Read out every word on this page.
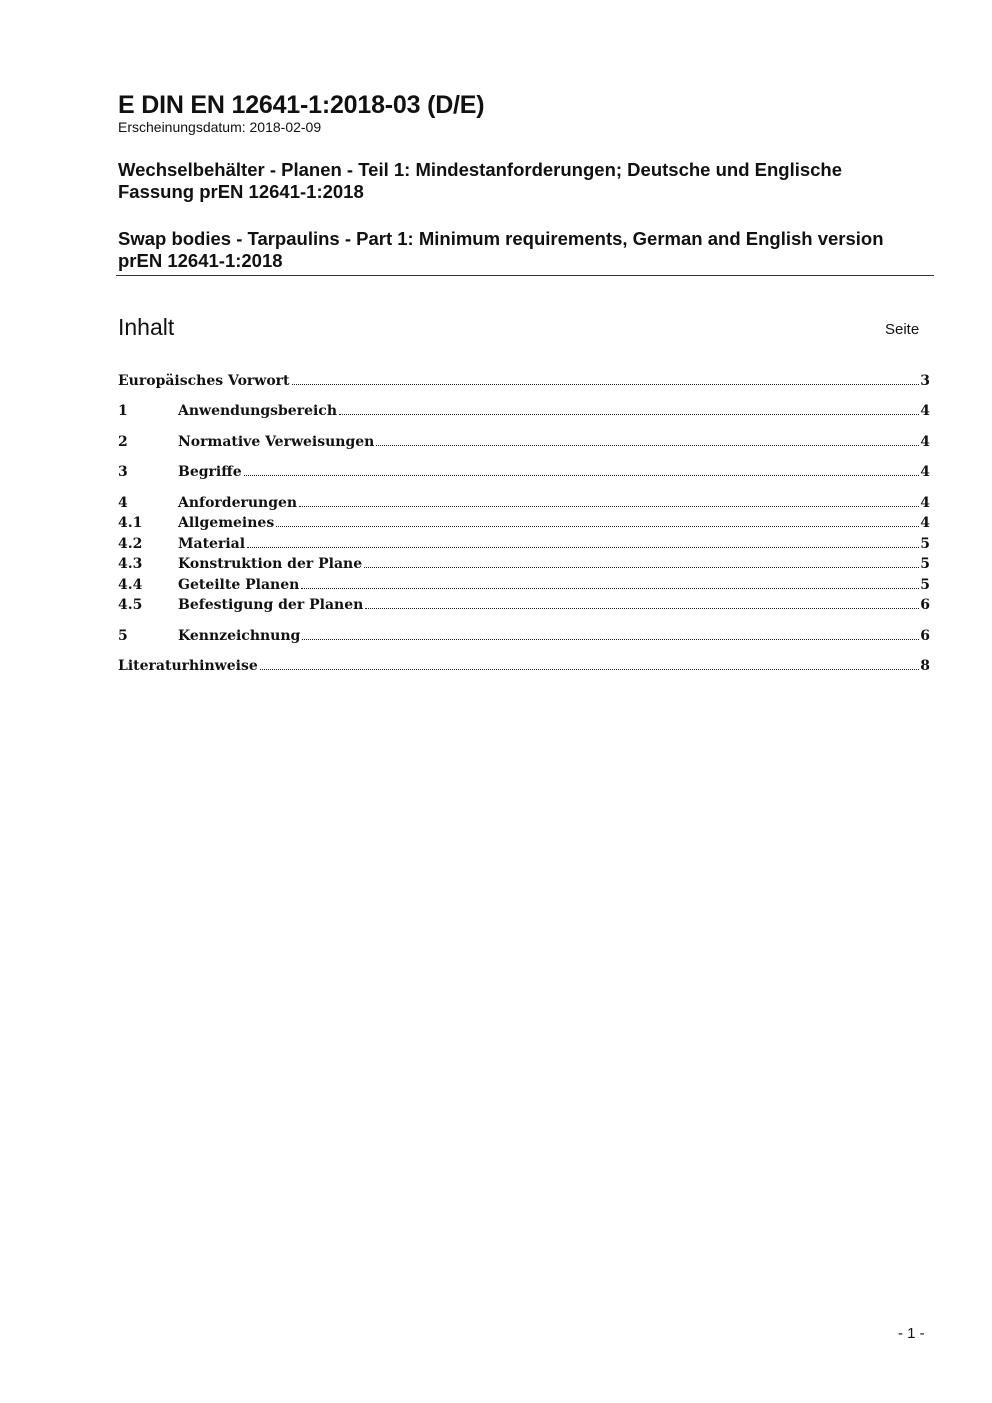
E DIN EN 12641-1:2018-03 (D/E)
Erscheinungsdatum: 2018-02-09
Wechselbehälter - Planen - Teil 1: Mindestanforderungen; Deutsche und Englische Fassung prEN 12641-1:2018
Swap bodies - Tarpaulins - Part 1: Minimum requirements, German and English version prEN 12641-1:2018
Inhalt	Seite
Europäisches Vorwort	3
1	Anwendungsbereich	4
2	Normative Verweisungen	4
3	Begriffe	4
4	Anforderungen	4
4.1	Allgemeines	4
4.2	Material	5
4.3	Konstruktion der Plane	5
4.4	Geteilte Planen	5
4.5	Befestigung der Planen	6
5	Kennzeichnung	6
Literaturhinweise	8
- 1 -
